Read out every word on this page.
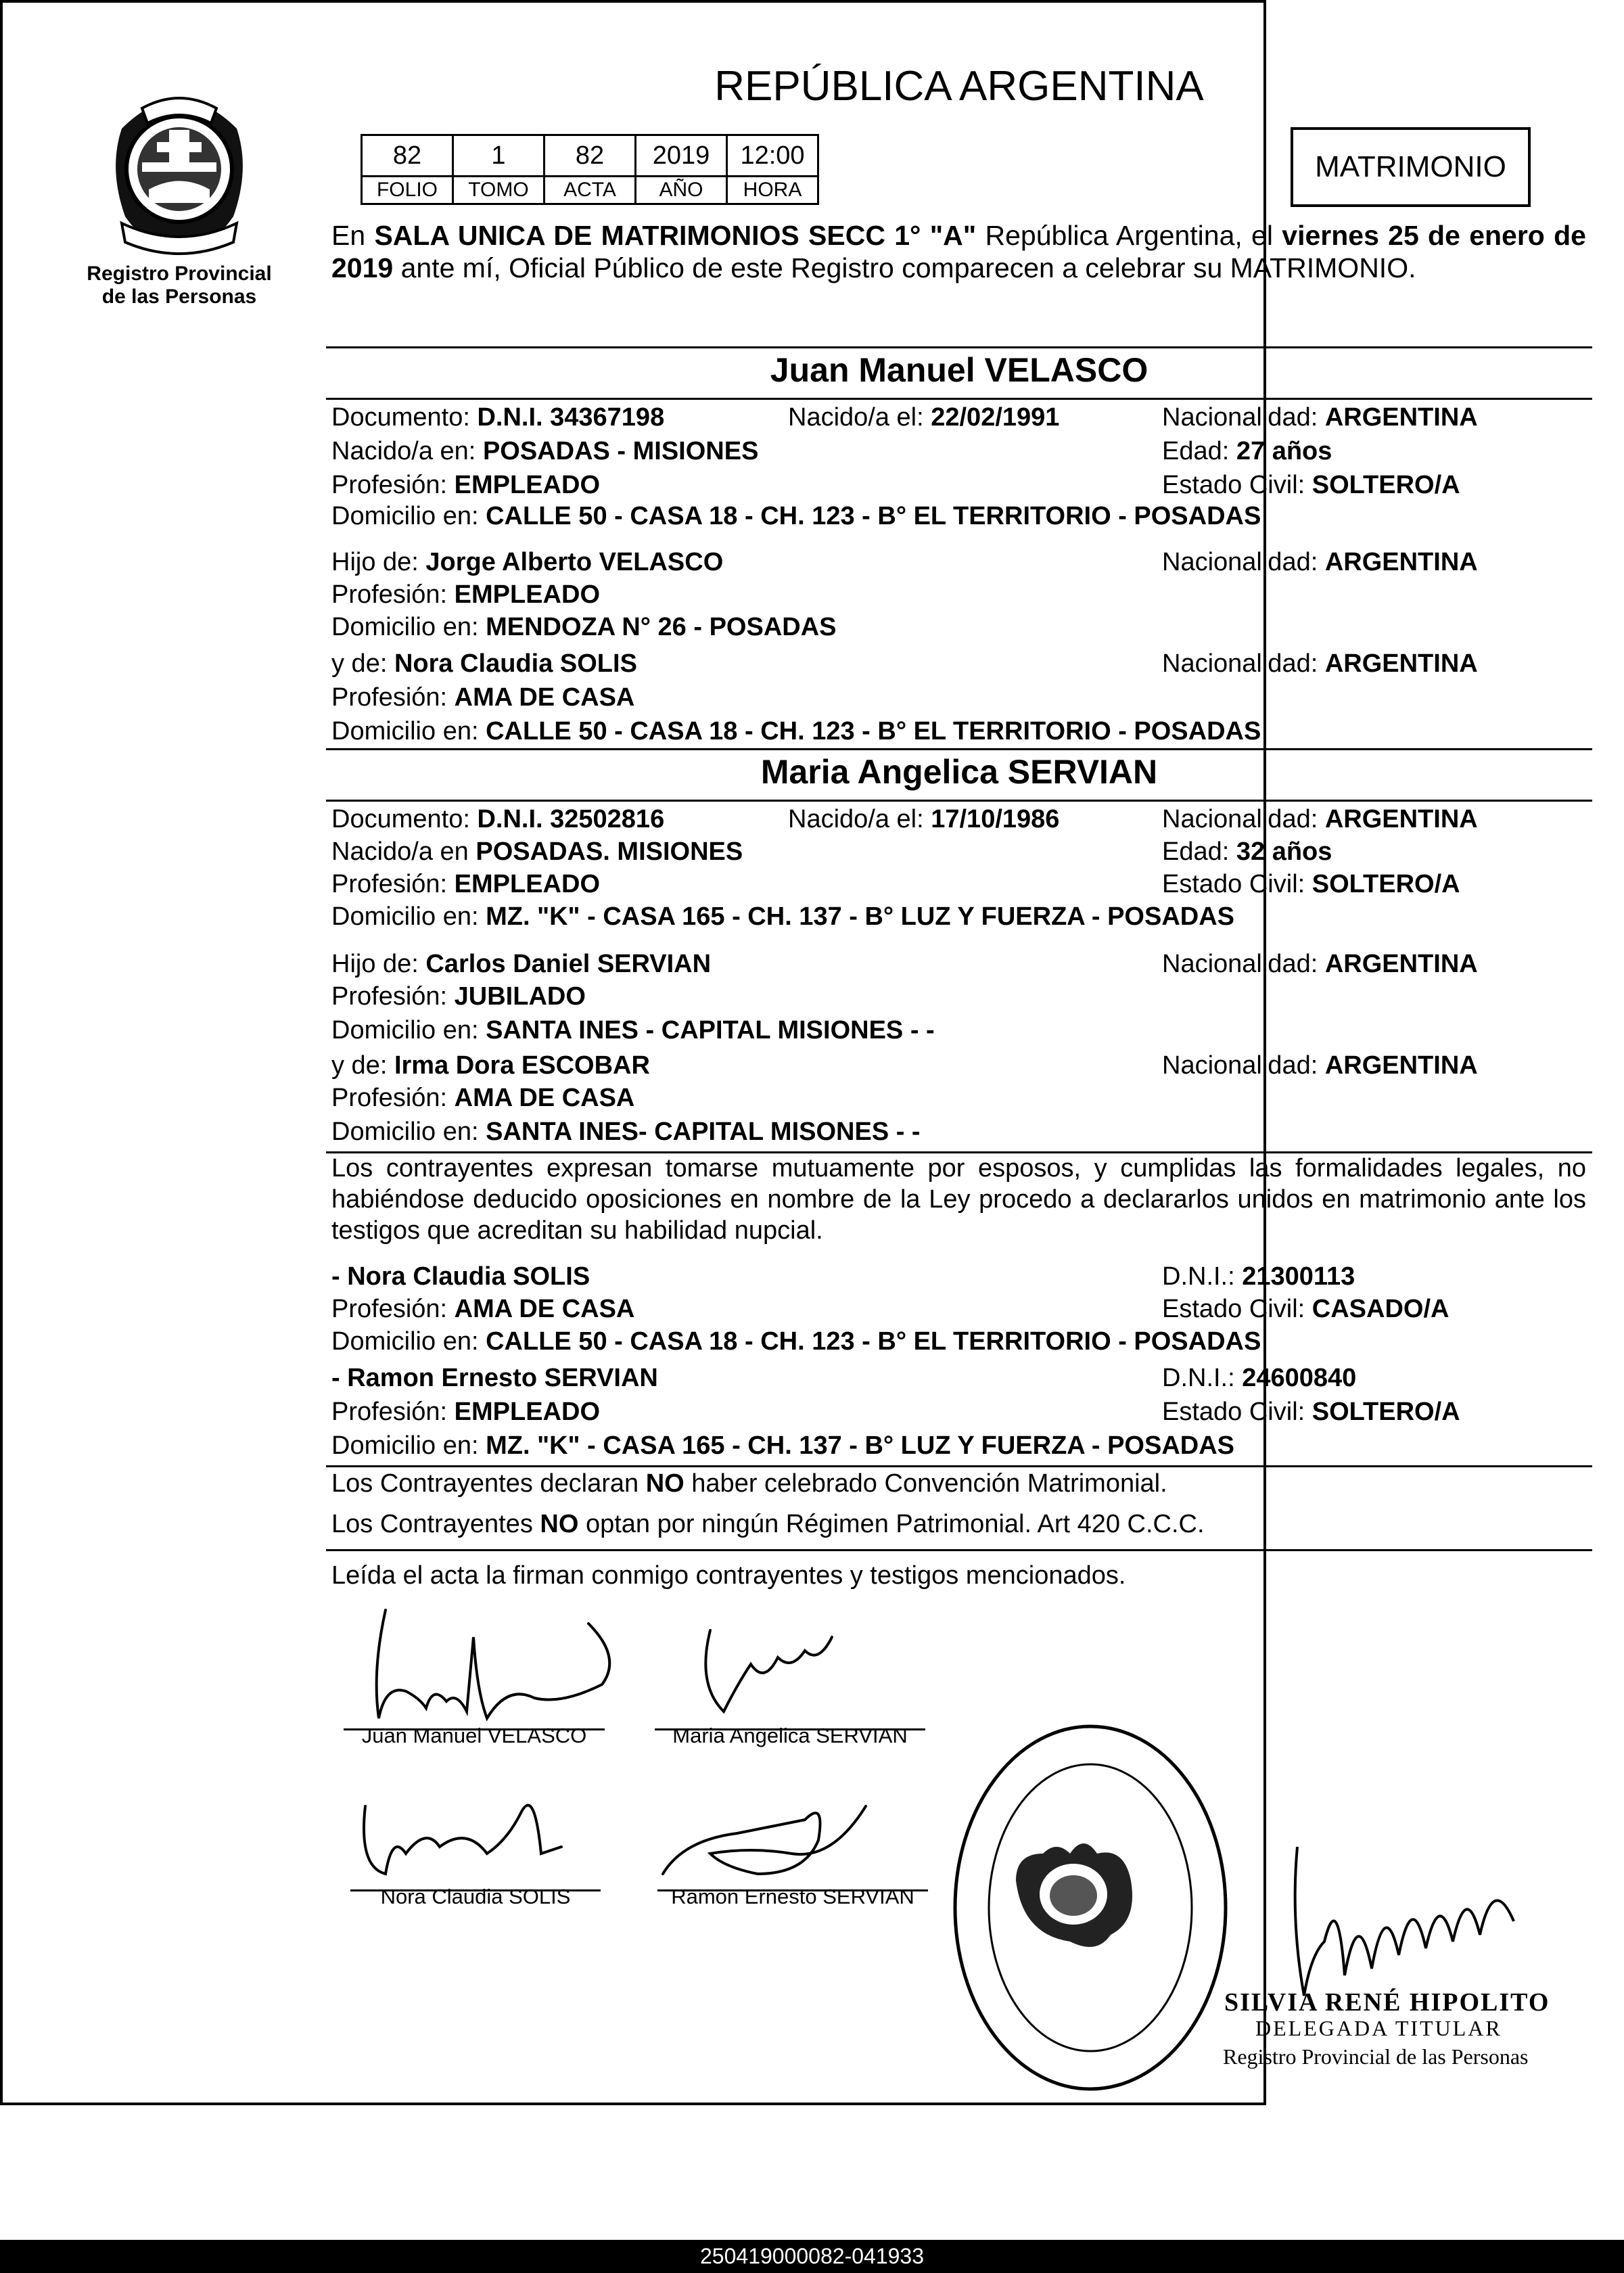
Registro Provincial
de las Personas
REPÚBLICA ARGENTINA
82	1	82	2019	12:00
FOLIO	TOMO	ACTA	AÑO	HORA
MATRIMONIO
En SALA UNICA DE MATRIMONIOS SECC 1° "A" República Argentina, el viernes 25 de enero de 2019 ante mí, Oficial Público de este Registro comparecen a celebrar su MATRIMONIO.
Juan Manuel VELASCO
Documento: D.N.I. 34367198	Nacido/a el: 22/02/1991	Nacionalidad: ARGENTINA
Nacido/a en: POSADAS - MISIONES	Edad: 27 años
Profesión: EMPLEADO	Estado Civil: SOLTERO/A
Domicilio en: CALLE 50 - CASA 18 - CH. 123 - B° EL TERRITORIO - POSADAS
Hijo de: Jorge Alberto VELASCO	Nacionalidad: ARGENTINA
Profesión: EMPLEADO
Domicilio en: MENDOZA N° 26 - POSADAS
y de: Nora Claudia SOLIS	Nacionalidad: ARGENTINA
Profesión: AMA DE CASA
Domicilio en: CALLE 50 - CASA 18 - CH. 123 - B° EL TERRITORIO - POSADAS
Maria Angelica SERVIAN
Documento: D.N.I. 32502816	Nacido/a el: 17/10/1986	Nacionalidad: ARGENTINA
Nacido/a en POSADAS. MISIONES	Edad: 32 años
Profesión: EMPLEADO	Estado Civil: SOLTERO/A
Domicilio en: MZ. "K" - CASA 165 - CH. 137 - B° LUZ Y FUERZA - POSADAS
Hijo de: Carlos Daniel SERVIAN	Nacionalidad: ARGENTINA
Profesión: JUBILADO
Domicilio en: SANTA INES - CAPITAL MISIONES - -
y de: Irma Dora ESCOBAR	Nacionalidad: ARGENTINA
Profesión: AMA DE CASA
Domicilio en: SANTA INES- CAPITAL MISONES - -
Los contrayentes expresan tomarse mutuamente por esposos, y cumplidas las formalidades legales, no habiéndose deducido oposiciones en nombre de la Ley procedo a declararlos unidos en matrimonio ante los testigos que acreditan su habilidad nupcial.
- Nora Claudia SOLIS	D.N.I.: 21300113
Profesión: AMA DE CASA	Estado Civil: CASADO/A
Domicilio en: CALLE 50 - CASA 18 - CH. 123 - B° EL TERRITORIO - POSADAS
- Ramon Ernesto SERVIAN	D.N.I.: 24600840
Profesión: EMPLEADO	Estado Civil: SOLTERO/A
Domicilio en: MZ. "K" - CASA 165 - CH. 137 - B° LUZ Y FUERZA - POSADAS
Los Contrayentes declaran NO haber celebrado Convención Matrimonial.
Los Contrayentes NO optan por ningún Régimen Patrimonial. Art 420 C.C.C.
Leída el acta la firman conmigo contrayentes y testigos mencionados.
Juan Manuel VELASCO	Maria Angelica SERVIAN
Nora Claudia SOLIS	Ramon Ernesto SERVIAN
SILVIA RENÉ HIPOLITO
DELEGADA TITULAR
Registro Provincial de las Personas
250419000082-041933
